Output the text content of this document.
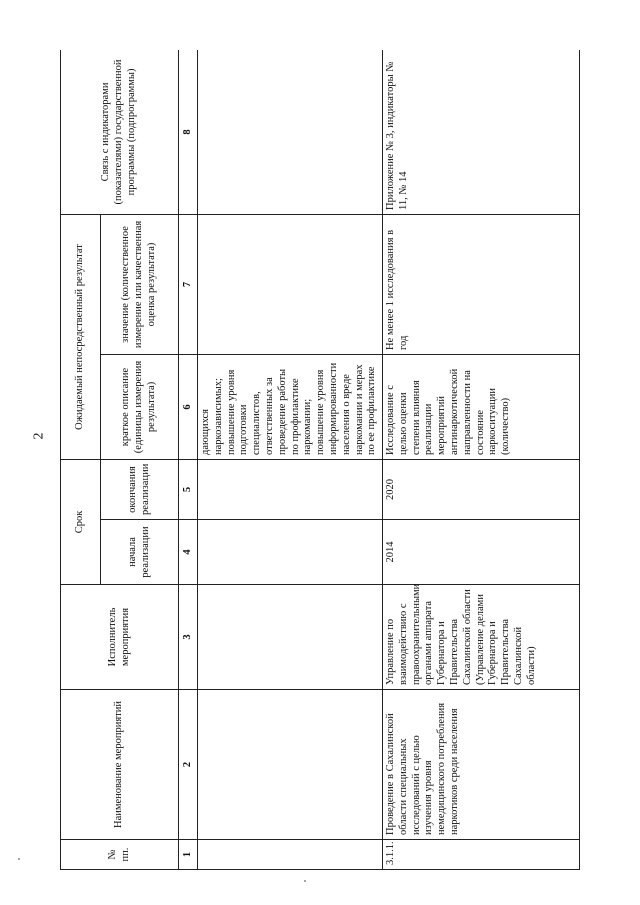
2
№ пп.	Наименование мероприятий	Исполнитель мероприятия	Срок		Ожидаемый непосредственный результат		Связь с индикаторами (показателями) государственной программы (подпрограммы)
			начала реализации	окончания реализации	краткое описание (единицы измерения результата)	значение (количественное измерение или качественная оценка результата)	
1	2	3	4	5	6	7	8
					дающихся наркозависимых; повышение уровня подготовки специалистов, ответственных за проведение работы по профилактике наркомании; повышение уровня информированности населения о вреде наркомании и мерах по ее профилактике		
3.1.1.	Проведение в Сахалинской области специальных исследований с целью изучения уровня немедицинского потребления наркотиков среди населения	Управление по взаимодействию с правоохранительными органами аппарата Губернатора и Правительства Сахалинской области (Управление делами Губернатора и Правительства Сахалинской области)	2014	2020	Исследование с целью оценки степени влияния реализации мероприятий антинаркотической направленности на состояние наркоситуации (количество)	Не менее 1 исследования в год	Приложение № 3, индикаторы № 11, № 14
